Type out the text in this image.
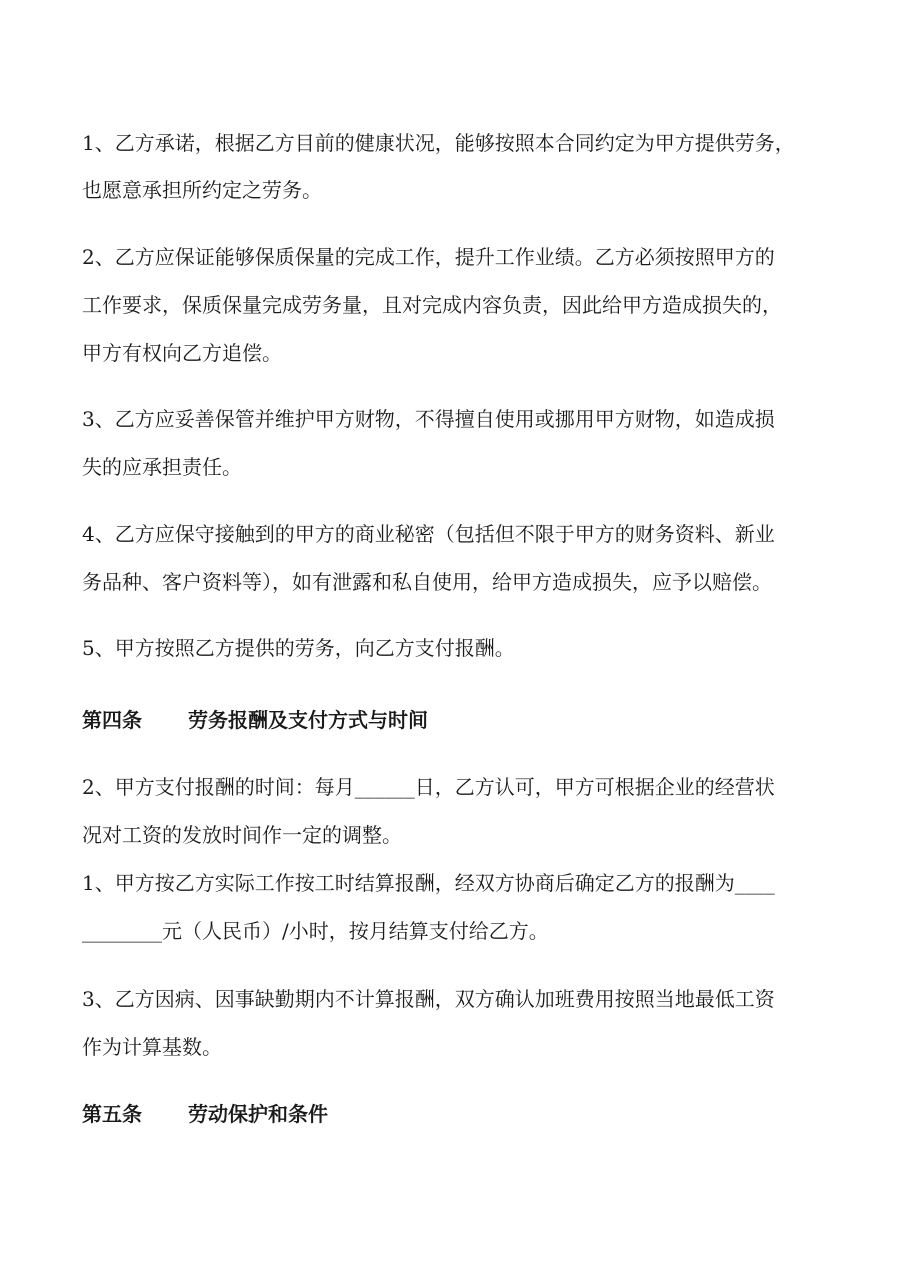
1、乙方承诺，根据乙方目前的健康状况，能够按照本合同约定为甲方提供劳务，
也愿意承担所约定之劳务。
2、乙方应保证能够保质保量的完成工作，提升工作业绩。乙方必须按照甲方的
工作要求，保质保量完成劳务量，且对完成内容负责，因此给甲方造成损失的，
甲方有权向乙方追偿。
3、乙方应妥善保管并维护甲方财物，不得擅自使用或挪用甲方财物，如造成损
失的应承担责任。
4、乙方应保守接触到的甲方的商业秘密（包括但不限于甲方的财务资料、新业
务品种、客户资料等），如有泄露和私自使用，给甲方造成损失，应予以赔偿。
5、甲方按照乙方提供的劳务，向乙方支付报酬。
第四条 劳务报酬及支付方式与时间
2、甲方支付报酬的时间：每月______日，乙方认可，甲方可根据企业的经营状
况对工资的发放时间作一定的调整。
1、甲方按乙方实际工作按工时结算报酬，经双方协商后确定乙方的报酬为____
________元（人民币）/小时，按月结算支付给乙方。
3、乙方因病、因事缺勤期内不计算报酬，双方确认加班费用按照当地最低工资
作为计算基数。
第五条 劳动保护和条件
